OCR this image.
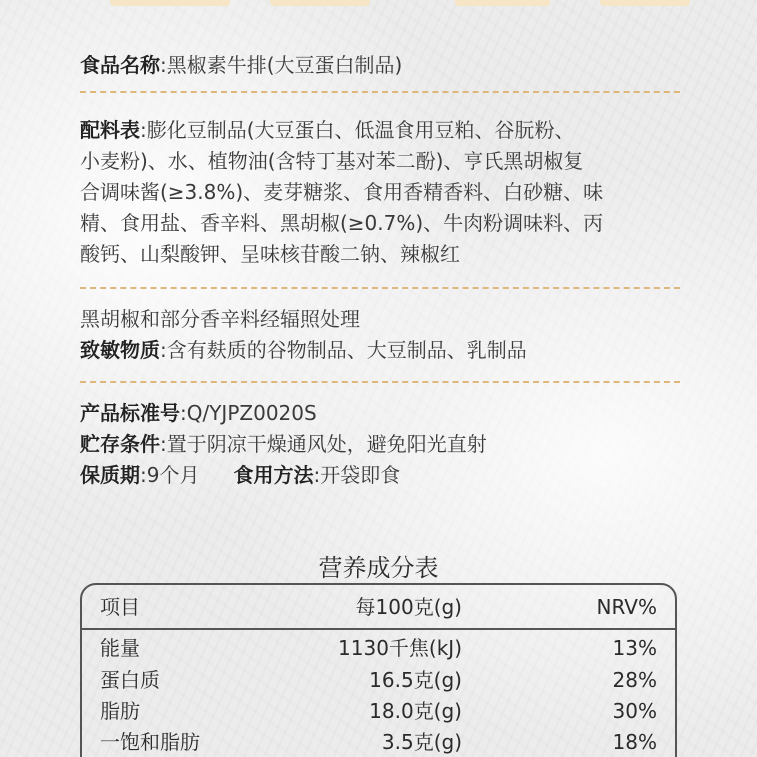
食品名称:黑椒素牛排(大豆蛋白制品)
配料表:膨化豆制品(大豆蛋白、低温食用豆粕、谷朊粉、
小麦粉)、水、植物油(含特丁基对苯二酚)、亨氏黑胡椒复
合调味酱(≥3.8%)、麦芽糖浆、食用香精香料、白砂糖、味
精、食用盐、香辛料、黑胡椒(≥0.7%)、牛肉粉调味料、丙
酸钙、山梨酸钾、呈味核苷酸二钠、辣椒红
黑胡椒和部分香辛料经辐照处理
致敏物质:含有麸质的谷物制品、大豆制品、乳制品
产品标准号:Q/YJPZ0020S
贮存条件:置于阴凉干燥通风处，避免阳光直射
保质期:9个月 食用方法:开袋即食
营养成分表
项目	每100克(g)	NRV%
能量	1130千焦(kJ)	13%
蛋白质	16.5克(g)	28%
脂肪	18.0克(g)	30%
一饱和脂肪	3.5克(g)	18%
